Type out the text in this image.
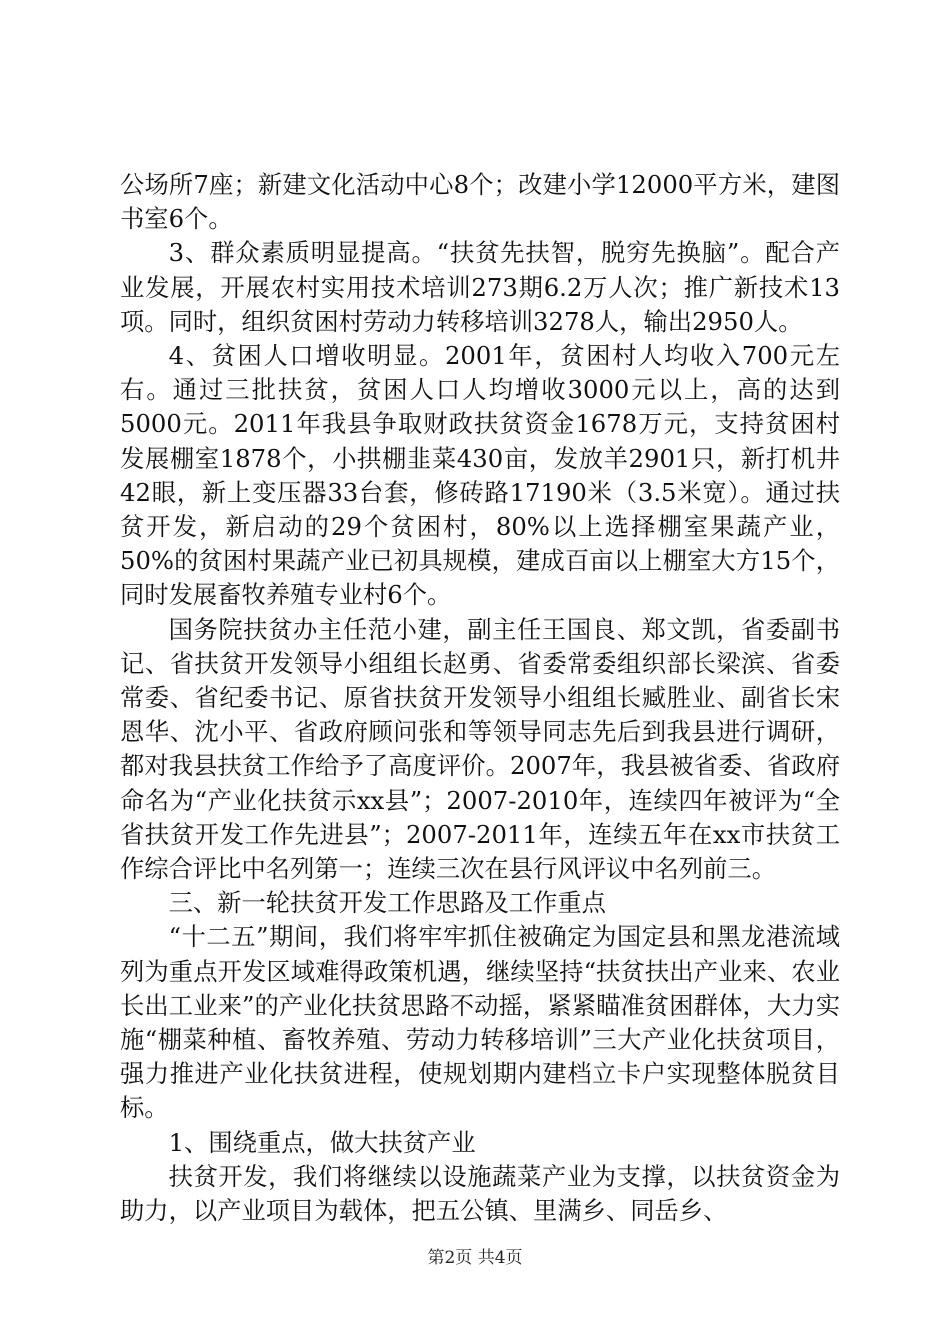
公场所7座；新建文化活动中心8个；改建小学12000平方米，建图书室6个。

3、群众素质明显提高。“扶贫先扶智，脱穷先换脑”。配合产业发展，开展农村实用技术培训273期6.2万人次；推广新技术13项。同时，组织贫困村劳动力转移培训3278人，输出2950人。

4、贫困人口增收明显。2001年，贫困村人均收入700元左右。通过三批扶贫，贫困人口人均增收3000元以上，高的达到5000元。2011年我县争取财政扶贫资金1678万元，支持贫困村发展棚室1878个，小拱棚韭菜430亩，发放羊2901只，新打机井42眼，新上变压器33台套，修砖路17190米（3.5米宽）。通过扶贫开发，新启动的29个贫困村，80%以上选择棚室果蔬产业，50%的贫困村果蔬产业已初具规模，建成百亩以上棚室大方15个，同时发展畜牧养殖专业村6个。

国务院扶贫办主任范小建，副主任王国良、郑文凯，省委副书记、省扶贫开发领导小组组长赵勇、省委常委组织部长梁滨、省委常委、省纪委书记、原省扶贫开发领导小组组长臧胜业、副省长宋恩华、沈小平、省政府顾问张和等领导同志先后到我县进行调研，都对我县扶贫工作给予了高度评价。2007年，我县被省委、省政府命名为“产业化扶贫示xx县”；2007-2010年，连续四年被评为“全省扶贫开发工作先进县”；2007-2011年，连续五年在xx市扶贫工作综合评比中名列第一；连续三次在县行风评议中名列前三。

三、新一轮扶贫开发工作思路及工作重点

“十二五”期间，我们将牢牢抓住被确定为国定县和黑龙港流域列为重点开发区域难得政策机遇，继续坚持“扶贫扶出产业来、农业长出工业来”的产业化扶贫思路不动摇，紧紧瞄准贫困群体，大力实施“棚菜种植、畜牧养殖、劳动力转移培训”三大产业化扶贫项目，强力推进产业化扶贫进程，使规划期内建档立卡户实现整体脱贫目标。

1、围绕重点，做大扶贫产业

扶贫开发，我们将继续以设施蔬菜产业为支撑，以扶贫资金为助力，以产业项目为载体，把五公镇、里满乡、同岳乡、

第2页 共4页
